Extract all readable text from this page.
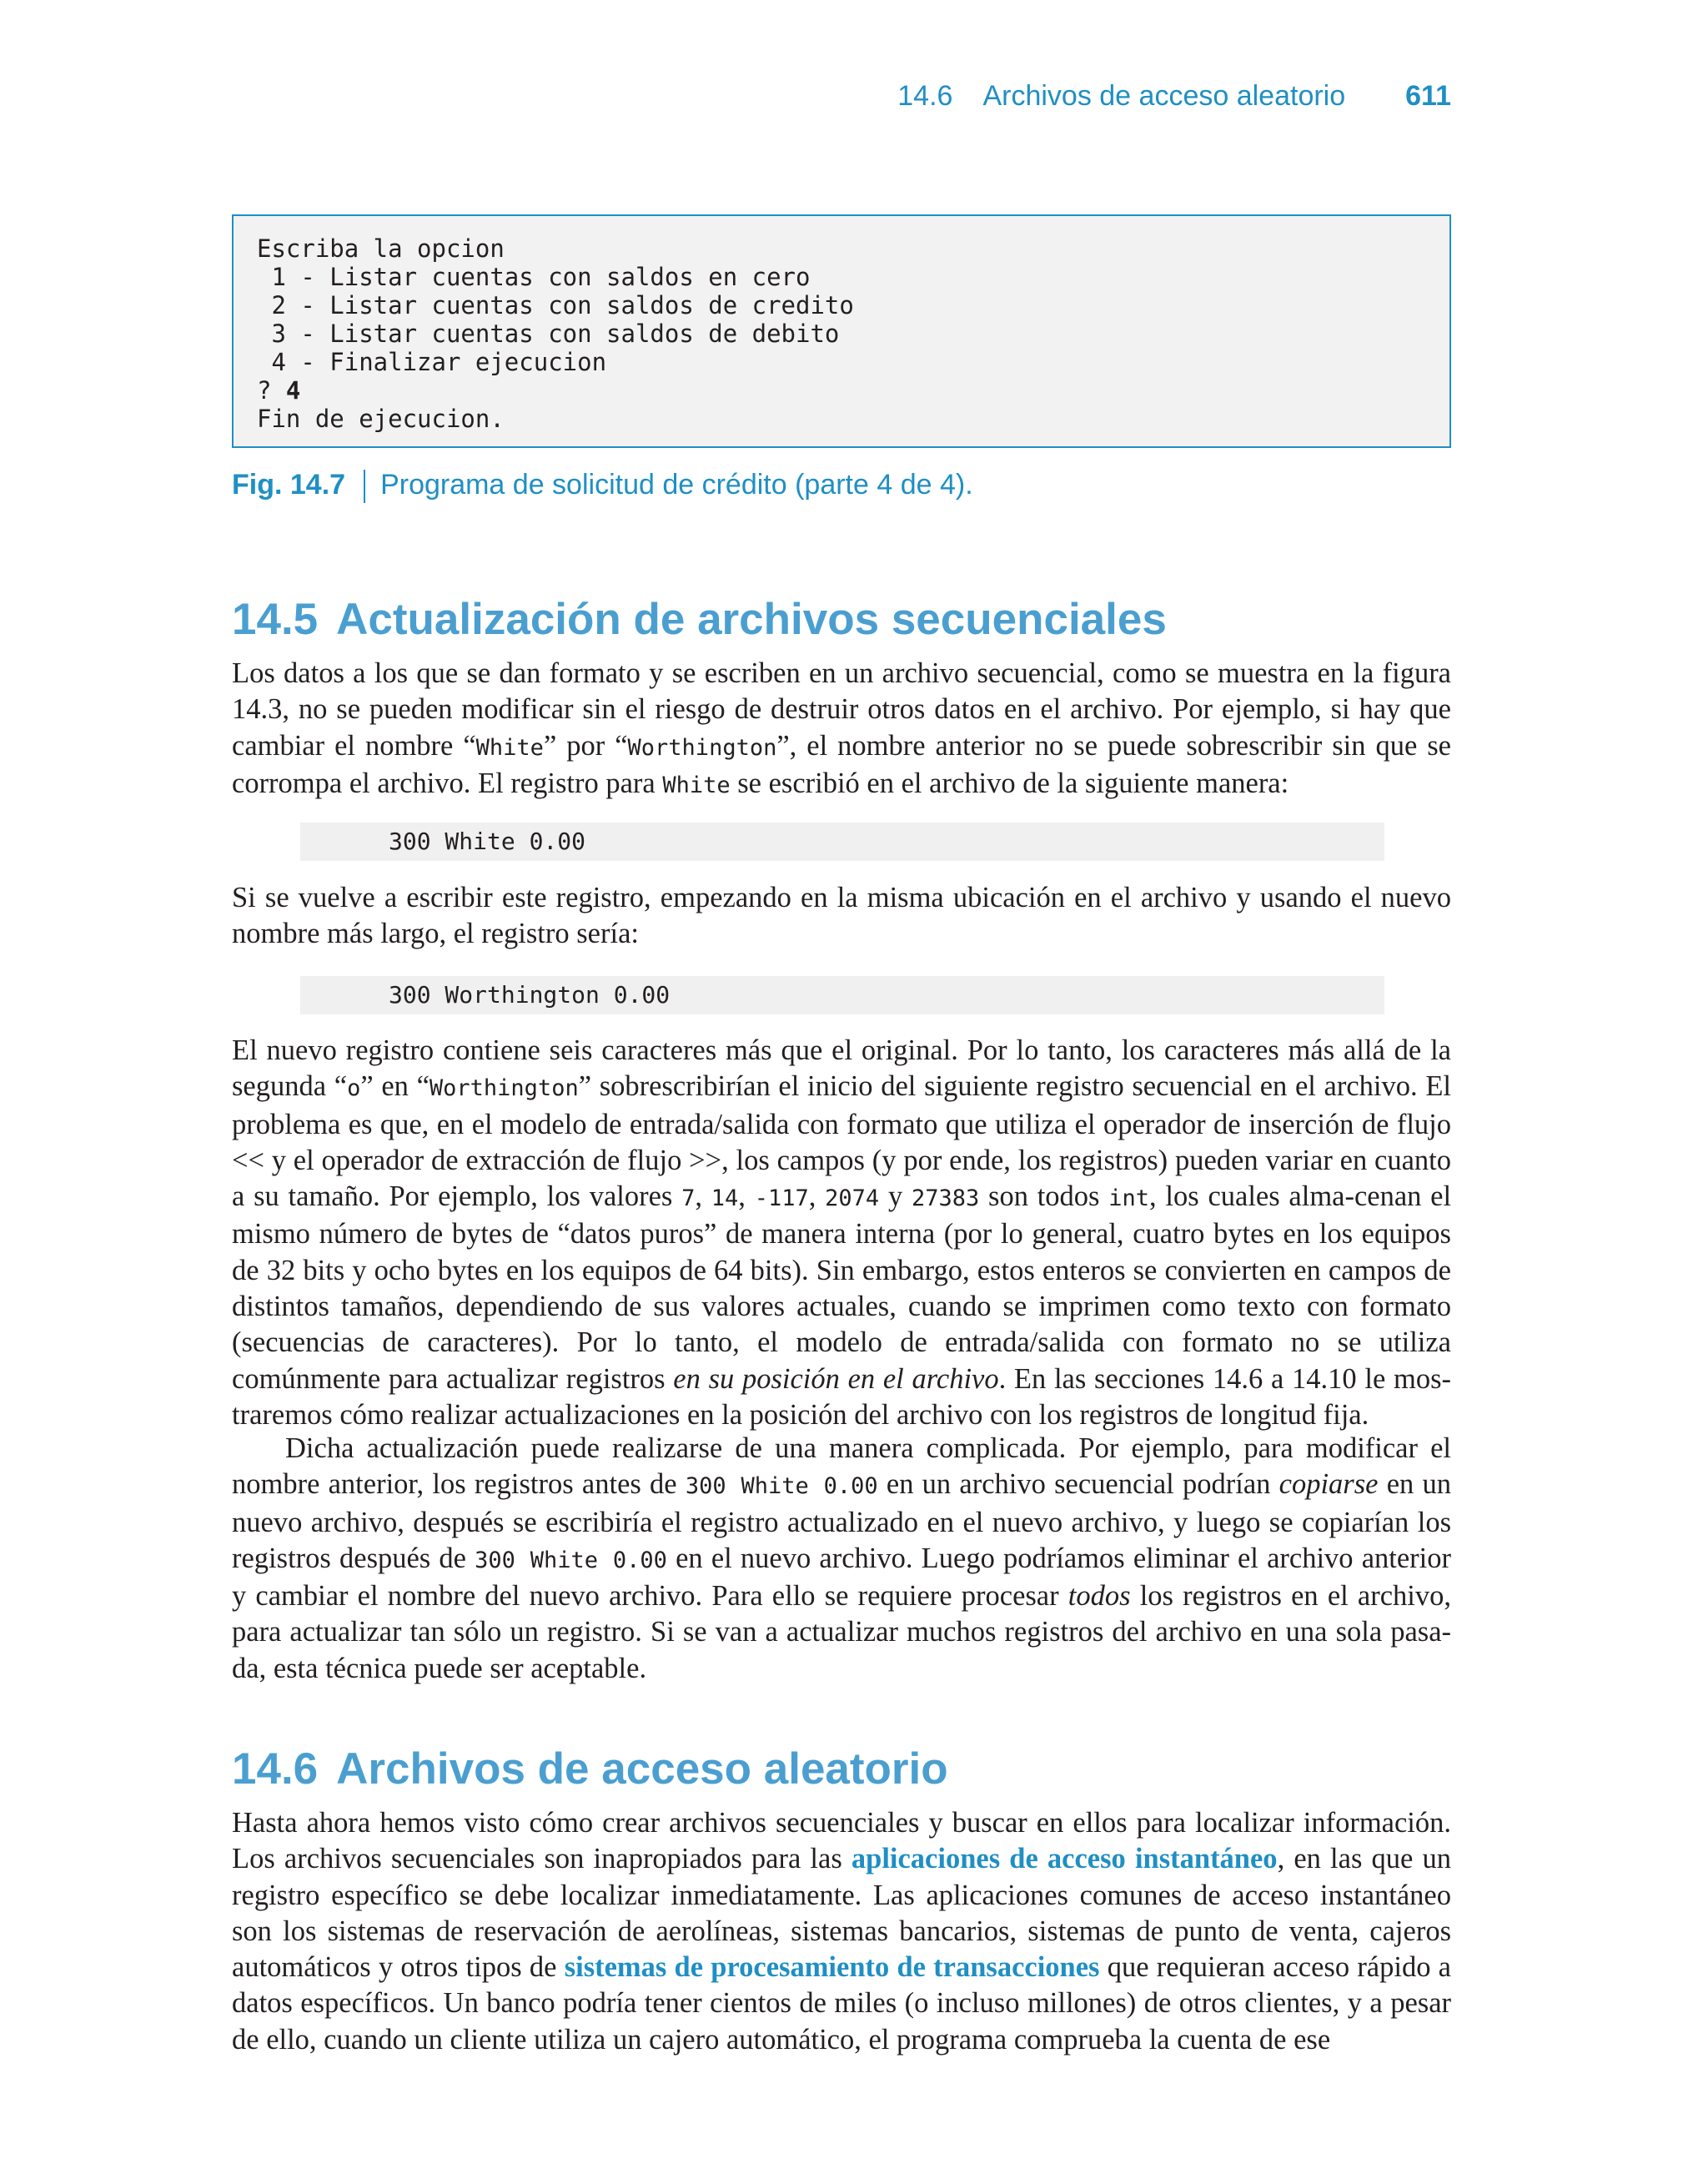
14.6 Archivos de acceso aleatorio 611
Escriba la opcion
1 - Listar cuentas con saldos en cero
2 - Listar cuentas con saldos de credito
3 - Listar cuentas con saldos de debito
4 - Finalizar ejecucion
? 4
Fin de ejecucion.
Fig. 14.7 Programa de solicitud de crédito (parte 4 de 4).
14.5 Actualización de archivos secuenciales

Los datos a los que se dan formato y se escriben en un archivo secuencial, como se muestra en la figura 14.3, no se pueden modificar sin el riesgo de destruir otros datos en el archivo. Por ejemplo, si hay que cambiar el nombre “White” por “Worthington”, el nombre anterior no se puede sobrescribir sin que se corrompa el archivo. El registro para White se escribió en el archivo de la siguiente manera:

300 White 0.00

Si se vuelve a escribir este registro, empezando en la misma ubicación en el archivo y usando el nuevo nombre más largo, el registro sería:

300 Worthington 0.00

El nuevo registro contiene seis caracteres más que el original. Por lo tanto, los caracteres más allá de la segunda “o” en “Worthington” sobrescribirían el inicio del siguiente registro secuencial en el archivo. El problema es que, en el modelo de entrada/salida con formato que utiliza el operador de inserción de flujo << y el operador de extracción de flujo >>, los campos (y por ende, los registros) pueden variar en cuanto a su tamaño. Por ejemplo, los valores 7, 14, -117, 2074 y 27383 son todos int, los cuales alma-cenan el mismo número de bytes de “datos puros” de manera interna (por lo general, cuatro bytes en los equipos de 32 bits y ocho bytes en los equipos de 64 bits). Sin embargo, estos enteros se convierten en campos de distintos tamaños, dependiendo de sus valores actuales, cuando se imprimen como texto con formato (secuencias de caracteres). Por lo tanto, el modelo de entrada/salida con formato no se utiliza comúnmente para actualizar registros en su posición en el archivo. En las secciones 14.6 a 14.10 le mos-traremos cómo realizar actualizaciones en la posición del archivo con los registros de longitud fija.

Dicha actualización puede realizarse de una manera complicada. Por ejemplo, para modificar el nombre anterior, los registros antes de 300 White 0.00 en un archivo secuencial podrían copiarse en un nuevo archivo, después se escribiría el registro actualizado en el nuevo archivo, y luego se copiarían los registros después de 300 White 0.00 en el nuevo archivo. Luego podríamos eliminar el archivo anterior y cambiar el nombre del nuevo archivo. Para ello se requiere procesar todos los registros en el archivo, para actualizar tan sólo un registro. Si se van a actualizar muchos registros del archivo en una sola pasa-da, esta técnica puede ser aceptable.

14.6 Archivos de acceso aleatorio

Hasta ahora hemos visto cómo crear archivos secuenciales y buscar en ellos para localizar información. Los archivos secuenciales son inapropiados para las aplicaciones de acceso instantáneo, en las que un registro específico se debe localizar inmediatamente. Las aplicaciones comunes de acceso instantáneo son los sistemas de reservación de aerolíneas, sistemas bancarios, sistemas de punto de venta, cajeros automáticos y otros tipos de sistemas de procesamiento de transacciones que requieran acceso rápido a datos específicos. Un banco podría tener cientos de miles (o incluso millones) de otros clientes, y a pesar de ello, cuando un cliente utiliza un cajero automático, el programa comprueba la cuenta de ese
